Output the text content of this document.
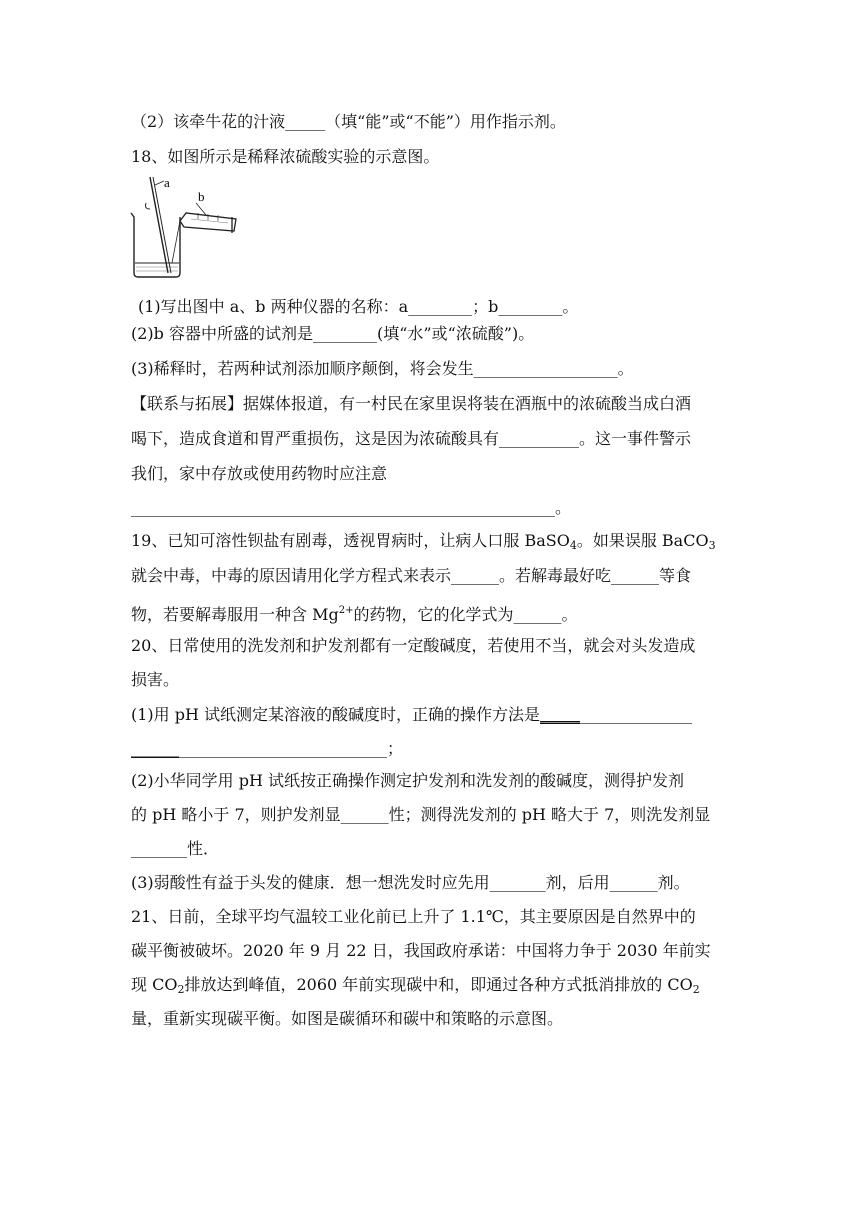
（2）该牵牛花的汁液_____（填“能”或“不能”）用作指示剂。
18、如图所示是稀释浓硫酸实验的示意图。
a
b
(1)写出图中 a、b 两种仪器的名称：a________；b________。
(2)b 容器中所盛的试剂是________(填“水”或“浓硫酸”)。
(3)稀释时，若两种试剂添加顺序颠倒，将会发生__________________。
【联系与拓展】据媒体报道，有一村民在家里误将装在酒瓶中的浓硫酸当成白酒
喝下，造成食道和胃严重损伤，这是因为浓硫酸具有__________。这一事件警示
我们，家中存放或使用药物时应注意
_____________________________________________________。
19、已知可溶性钡盐有剧毒，透视胃病时，让病人口服 BaSO$_4$。如果误服 BaCO$_3$
就会中毒，中毒的原因请用化学方程式来表示______。若解毒最好吃______等食
物，若要解毒服用一种含 $Mg^{2+}$的药物，它的化学式为______。
20、日常使用的洗发剂和护发剂都有一定酸碱度，若使用不当，就会对头发造成
损害。
(1)用 pH 试纸测定某溶液的酸碱度时，正确的操作方法是___________________
________________________________；
(2)小华同学用 pH 试纸按正确操作测定护发剂和洗发剂的酸碱度，测得护发剂
的 pH 略小于 7，则护发剂显______性；测得洗发剂的 pH 略大于 7，则洗发剂显
_______性．
(3)弱酸性有益于头发的健康．想一想洗发时应先用_______剂，后用______剂。
21、日前，全球平均气温较工业化前已上升了 1.1℃，其主要原因是自然界中的
碳平衡被破坏。2020 年 9 月 22 日，我国政府承诺：中国将力争于 2030 年前实
现 $CO_2$排放达到峰值，2060 年前实现碳中和，即通过各种方式抵消排放的 $CO_2$
量，重新实现碳平衡。如图是碳循环和碳中和策略的示意图。
